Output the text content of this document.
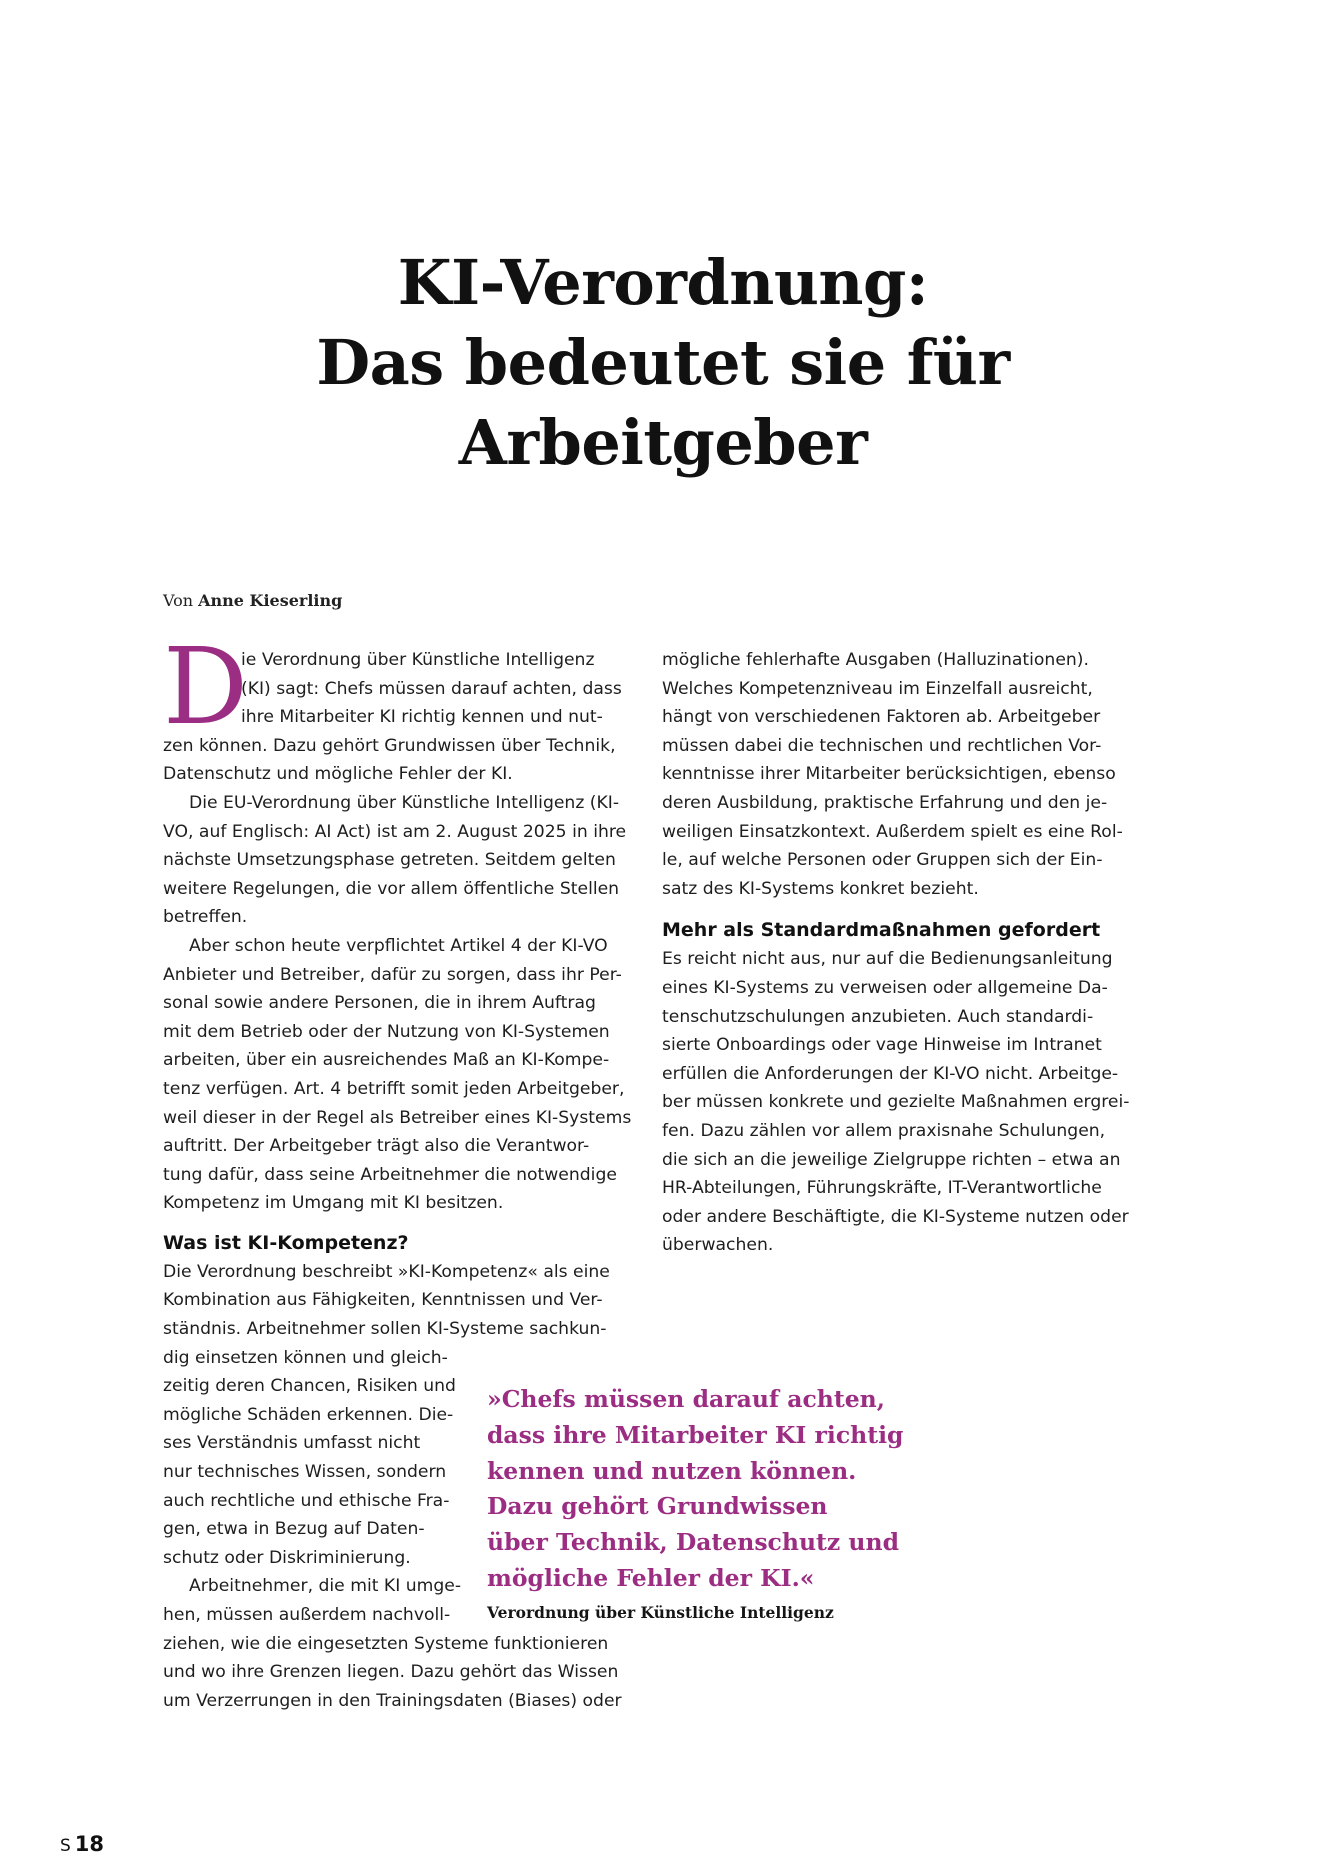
KI-Verordnung:
Das bedeutet sie für
Arbeitgeber
Von Anne Kieserling
D
ie Verordnung über Künstliche Intelligenz
(KI) sagt: Chefs müssen darauf achten, dass
ihre Mitarbeiter KI richtig kennen und nut-
zen können. Dazu gehört Grundwissen über Technik,
Datenschutz und mögliche Fehler der KI.
Die EU-Verordnung über Künstliche Intelligenz (KI-
VO, auf Englisch: AI Act) ist am 2. August 2025 in ihre
nächste Umsetzungsphase getreten. Seitdem gelten
weitere Regelungen, die vor allem öffentliche Stellen
betreffen.
Aber schon heute verpflichtet Artikel 4 der KI-VO
Anbieter und Betreiber, dafür zu sorgen, dass ihr Per-
sonal sowie andere Personen, die in ihrem Auftrag
mit dem Betrieb oder der Nutzung von KI-Systemen
arbeiten, über ein ausreichendes Maß an KI-Kompe-
tenz verfügen. Art. 4 betrifft somit jeden Arbeitgeber,
weil dieser in der Regel als Betreiber eines KI-Systems
auftritt. Der Arbeitgeber trägt also die Verantwor-
tung dafür, dass seine Arbeitnehmer die notwendige
Kompetenz im Umgang mit KI besitzen.
Was ist KI-Kompetenz?
Die Verordnung beschreibt »KI-Kompetenz« als eine
Kombination aus Fähigkeiten, Kenntnissen und Ver-
ständnis. Arbeitnehmer sollen KI-Systeme sachkun-
dig einsetzen können und gleich-
zeitig deren Chancen, Risiken und
mögliche Schäden erkennen. Die-
ses Verständnis umfasst nicht
nur technisches Wissen, sondern
auch rechtliche und ethische Fra-
gen, etwa in Bezug auf Daten-
schutz oder Diskriminierung.
Arbeitnehmer, die mit KI umge-
hen, müssen außerdem nachvoll-
ziehen, wie die eingesetzten Systeme funktionieren
und wo ihre Grenzen liegen. Dazu gehört das Wissen
um Verzerrungen in den Trainingsdaten (Biases) oder
mögliche fehlerhafte Ausgaben (Halluzinationen).
Welches Kompetenzniveau im Einzelfall ausreicht,
hängt von verschiedenen Faktoren ab. Arbeitgeber
müssen dabei die technischen und rechtlichen Vor-
kenntnisse ihrer Mitarbeiter berücksichtigen, ebenso
deren Ausbildung, praktische Erfahrung und den je-
weiligen Einsatzkontext. Außerdem spielt es eine Rol-
le, auf welche Personen oder Gruppen sich der Ein-
satz des KI-Systems konkret bezieht.
Mehr als Standardmaßnahmen gefordert
Es reicht nicht aus, nur auf die Bedienungsanleitung
eines KI-Systems zu verweisen oder allgemeine Da-
tenschutzschulungen anzubieten. Auch standardi-
sierte Onboardings oder vage Hinweise im Intranet
erfüllen die Anforderungen der KI-VO nicht. Arbeitge-
ber müssen konkrete und gezielte Maßnahmen ergrei-
fen. Dazu zählen vor allem praxisnahe Schulungen,
die sich an die jeweilige Zielgruppe richten – etwa an
HR-Abteilungen, Führungskräfte, IT-Verantwortliche
oder andere Beschäftigte, die KI-Systeme nutzen oder
überwachen.
»Chefs müssen darauf achten,
dass ihre Mitarbeiter KI richtig
kennen und nutzen können.
Dazu gehört Grundwissen
über Technik, Datenschutz und
mögliche Fehler der KI.«
Verordnung über Künstliche Intelligenz
S 18
